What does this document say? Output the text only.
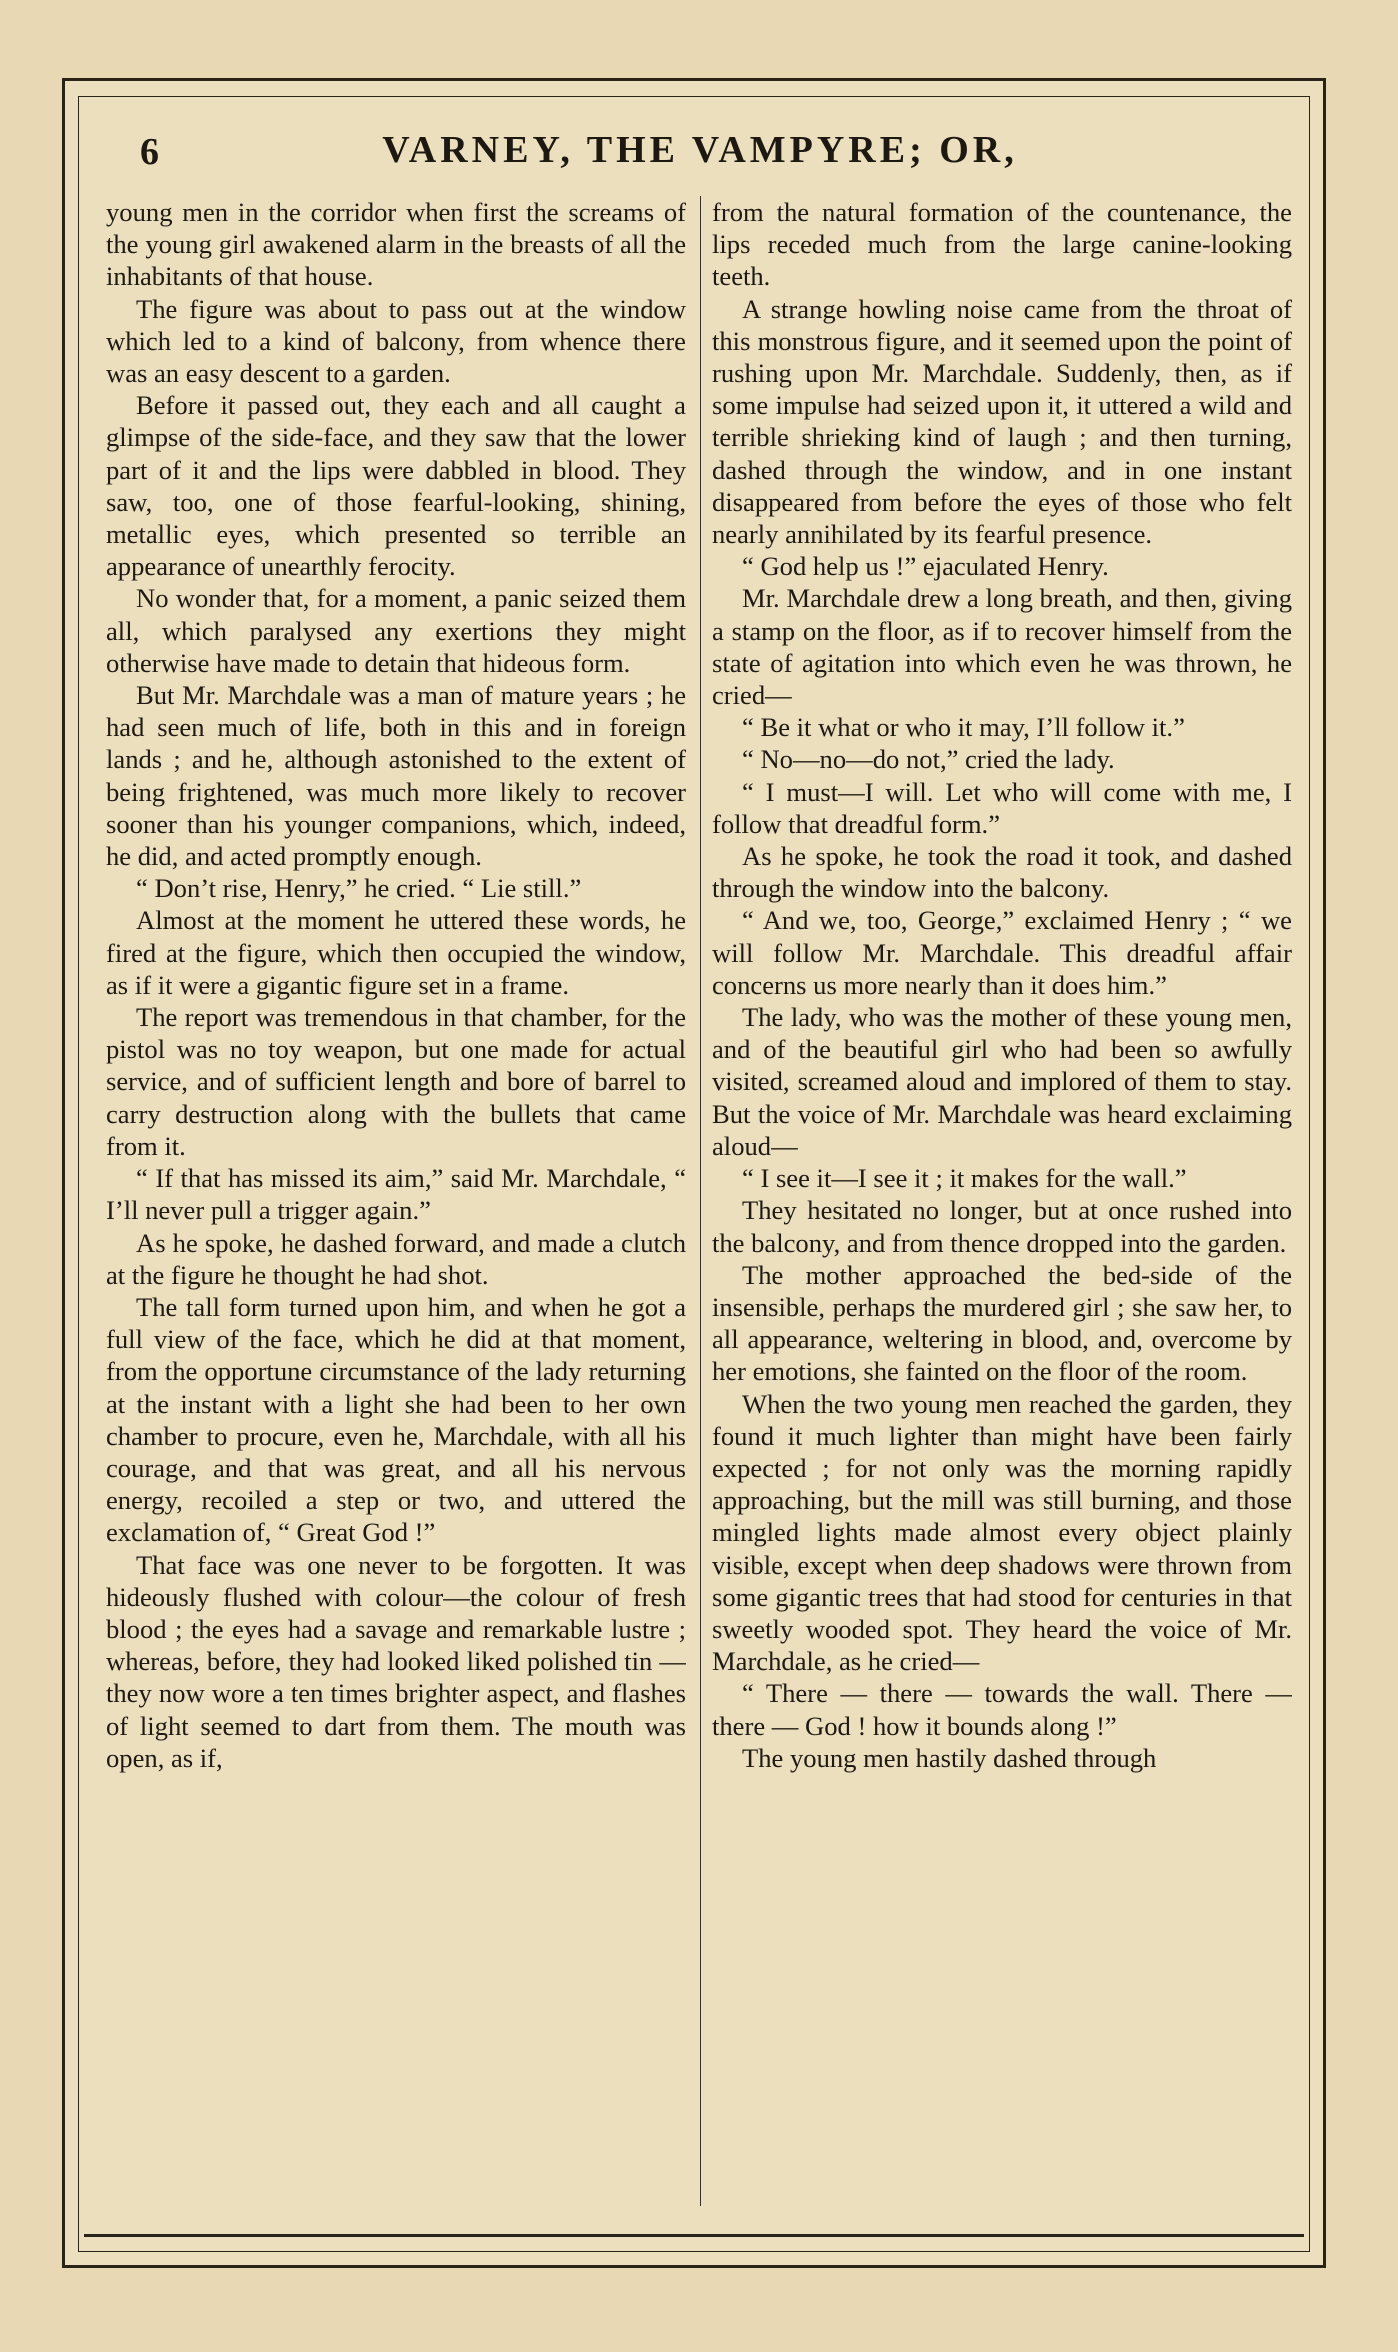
6	VARNEY, THE VAMPYRE; OR,

young men in the corridor when first the screams of the young girl awakened alarm in the breasts of all the inhabitants of that house.

The figure was about to pass out at the window which led to a kind of balcony, from whence there was an easy descent to a garden.

Before it passed out, they each and all caught a glimpse of the side-face, and they saw that the lower part of it and the lips were dabbled in blood. They saw, too, one of those fearful-looking, shining, metallic eyes, which presented so terrible an appearance of unearthly ferocity.

No wonder that, for a moment, a panic seized them all, which paralysed any exertions they might otherwise have made to detain that hideous form.

But Mr. Marchdale was a man of mature years ; he had seen much of life, both in this and in foreign lands ; and he, although astonished to the extent of being frightened, was much more likely to recover sooner than his younger companions, which, indeed, he did, and acted promptly enough.

“ Don’t rise, Henry,” he cried. “ Lie still.”

Almost at the moment he uttered these words, he fired at the figure, which then occupied the window, as if it were a gigantic figure set in a frame.

The report was tremendous in that chamber, for the pistol was no toy weapon, but one made for actual service, and of sufficient length and bore of barrel to carry destruction along with the bullets that came from it.

“ If that has missed its aim,” said Mr. Marchdale, “ I’ll never pull a trigger again.”

As he spoke, he dashed forward, and made a clutch at the figure he thought he had shot.

The tall form turned upon him, and when he got a full view of the face, which he did at that moment, from the opportune circumstance of the lady returning at the instant with a light she had been to her own chamber to procure, even he, Marchdale, with all his courage, and that was great, and all his nervous energy, recoiled a step or two, and uttered the exclamation of, “ Great God !”

That face was one never to be forgotten. It was hideously flushed with colour—the colour of fresh blood ; the eyes had a savage and remarkable lustre ; whereas, before, they had looked liked polished tin —they now wore a ten times brighter aspect, and flashes of light seemed to dart from them. The mouth was open, as if,

from the natural formation of the countenance, the lips receded much from the large canine-looking teeth.

A strange howling noise came from the throat of this monstrous figure, and it seemed upon the point of rushing upon Mr. Marchdale. Suddenly, then, as if some impulse had seized upon it, it uttered a wild and terrible shrieking kind of laugh ; and then turning, dashed through the window, and in one instant disappeared from before the eyes of those who felt nearly annihilated by its fearful presence.

“ God help us !” ejaculated Henry.

Mr. Marchdale drew a long breath, and then, giving a stamp on the floor, as if to recover himself from the state of agitation into which even he was thrown, he cried—

“ Be it what or who it may, I’ll follow it.”

“ No—no—do not,” cried the lady.

“ I must—I will. Let who will come with me, I follow that dreadful form.”

As he spoke, he took the road it took, and dashed through the window into the balcony.

“ And we, too, George,” exclaimed Henry ; “ we will follow Mr. Marchdale. This dreadful affair concerns us more nearly than it does him.”

The lady, who was the mother of these young men, and of the beautiful girl who had been so awfully visited, screamed aloud and implored of them to stay. But the voice of Mr. Marchdale was heard exclaiming aloud—

“ I see it—I see it ; it makes for the wall.”

They hesitated no longer, but at once rushed into the balcony, and from thence dropped into the garden.

The mother approached the bed-side of the insensible, perhaps the murdered girl ; she saw her, to all appearance, weltering in blood, and, overcome by her emotions, she fainted on the floor of the room.

When the two young men reached the garden, they found it much lighter than might have been fairly expected ; for not only was the morning rapidly approaching, but the mill was still burning, and those mingled lights made almost every object plainly visible, except when deep shadows were thrown from some gigantic trees that had stood for centuries in that sweetly wooded spot. They heard the voice of Mr. Marchdale, as he cried—

“ There — there — towards the wall. There — there — God ! how it bounds along !”

The young men hastily dashed through
